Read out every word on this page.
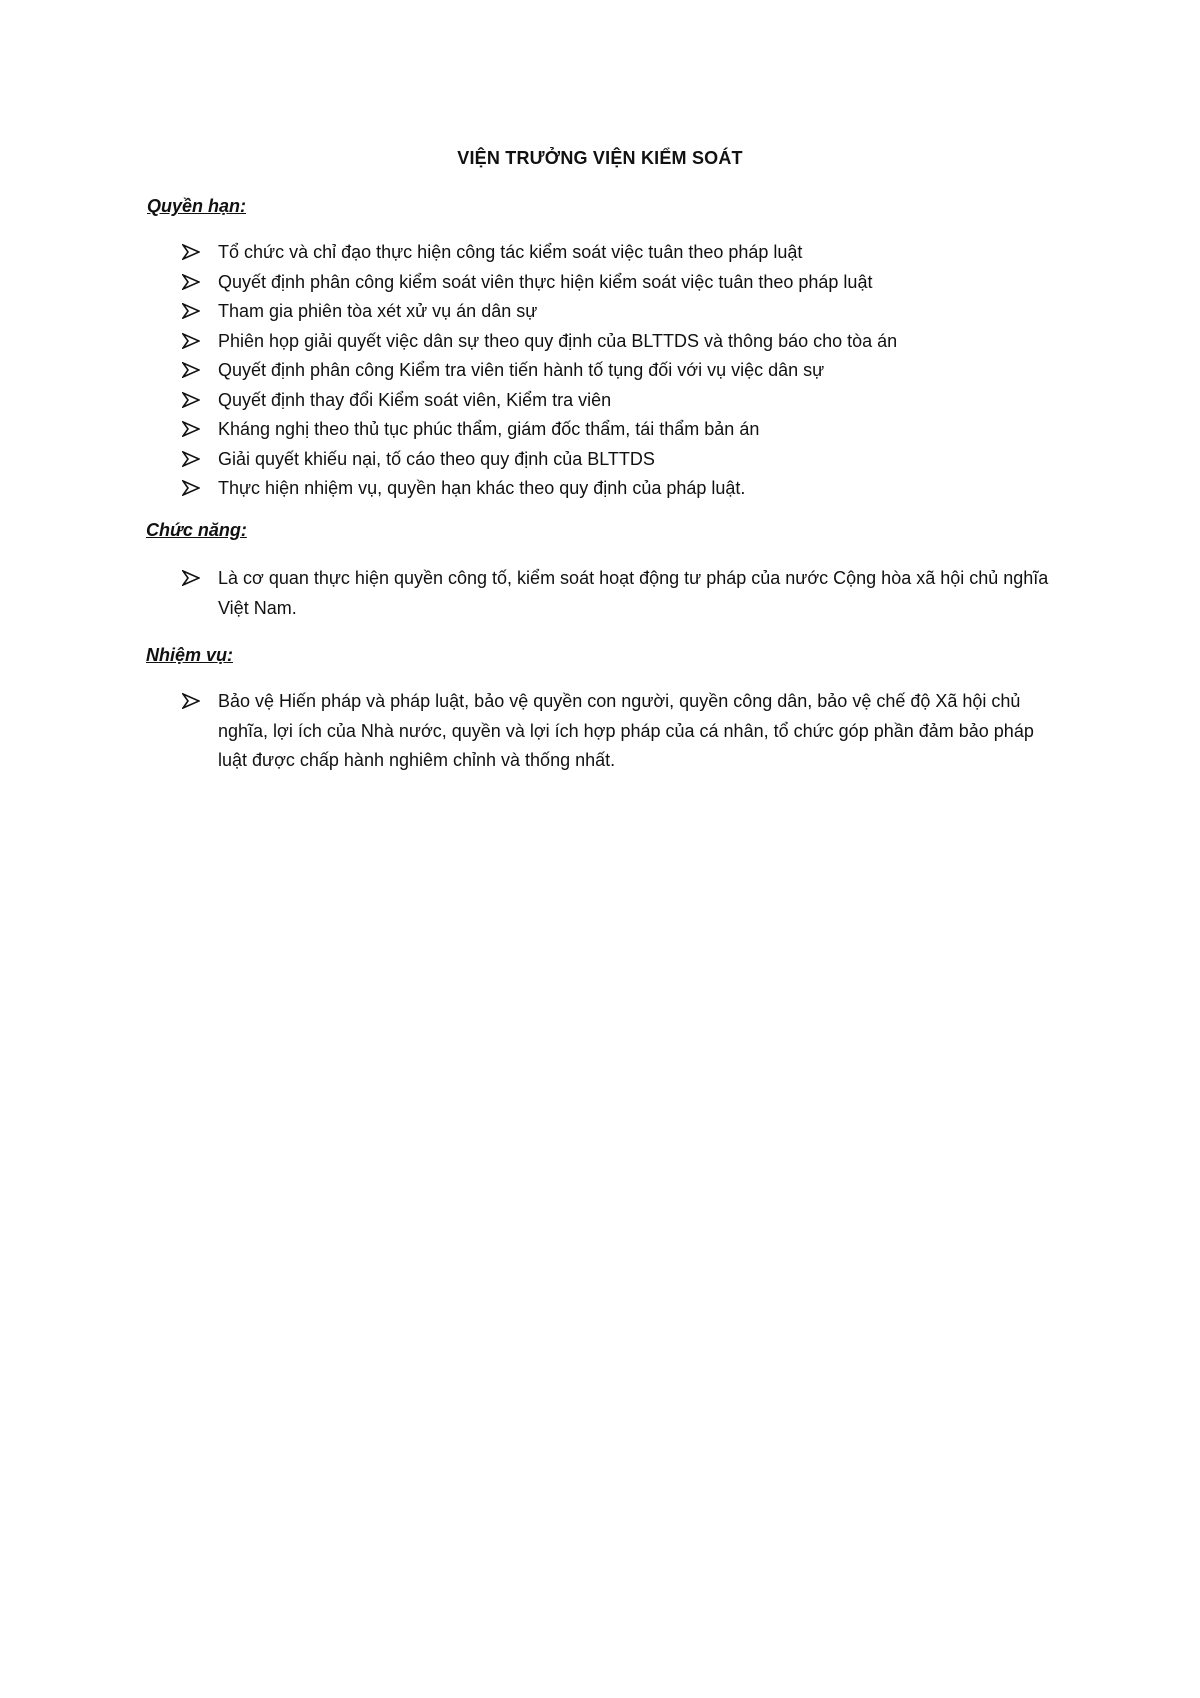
VIỆN TRƯỞNG VIỆN KIỂM SOÁT
Quyền hạn:
Tổ chức và chỉ đạo thực hiện công tác kiểm soát việc tuân theo pháp luật
Quyết định phân công kiểm soát viên thực hiện kiểm soát việc tuân theo pháp luật
Tham gia phiên tòa xét xử vụ án dân sự
Phiên họp giải quyết việc dân sự theo quy định của BLTTDS và thông báo cho tòa án
Quyết định phân công Kiểm tra viên tiến hành tố tụng đối với vụ việc dân sự
Quyết định thay đổi Kiểm soát viên, Kiểm tra viên
Kháng nghị theo thủ tục phúc thẩm, giám đốc thẩm, tái thẩm bản án
Giải quyết khiếu nại, tố cáo theo quy định của BLTTDS
Thực hiện nhiệm vụ, quyền hạn khác theo quy định của pháp luật.
Chức năng:
Là cơ quan thực hiện quyền công tố, kiểm soát hoạt động tư pháp của nước Cộng hòa xã hội chủ nghĩa Việt Nam.
Nhiệm vụ:
Bảo vệ Hiến pháp và pháp luật, bảo vệ quyền con người, quyền công dân, bảo vệ chế độ Xã hội chủ nghĩa, lợi ích của Nhà nước, quyền và lợi ích hợp pháp của cá nhân, tổ chức góp phần đảm bảo pháp luật được chấp hành nghiêm chỉnh và thống nhất.
